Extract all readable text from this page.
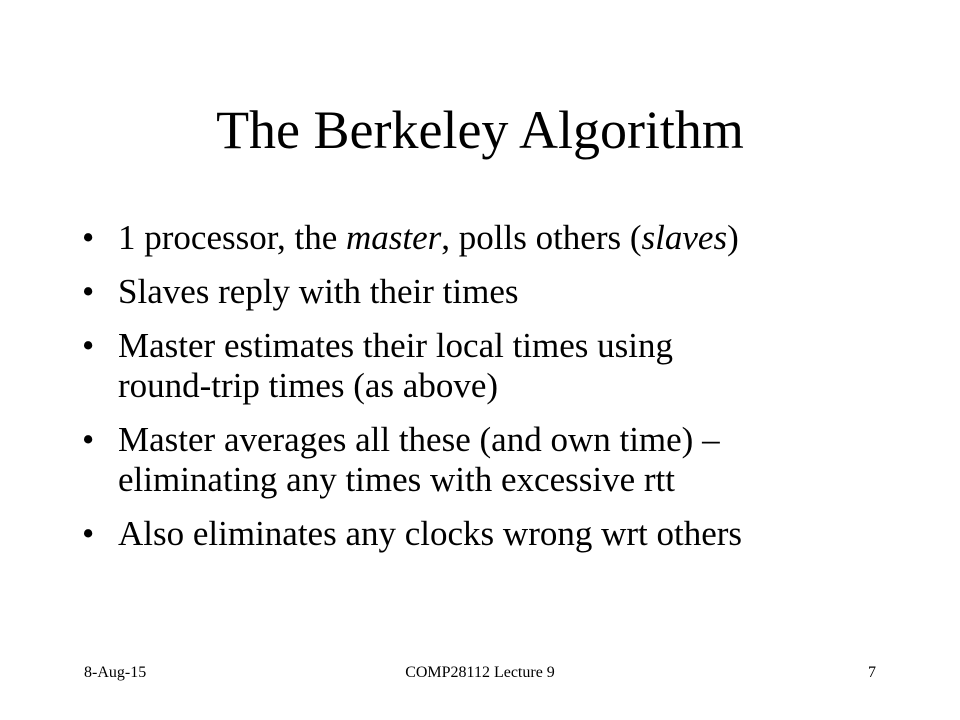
The Berkeley Algorithm
• 1 processor, the master, polls others (slaves)
• Slaves reply with their times
• Master estimates their local times using
round-trip times (as above)
• Master averages all these (and own time) –
eliminating any times with excessive rtt
• Also eliminates any clocks wrong wrt others
COMP28112 Lecture 9
8-Aug-15	7
